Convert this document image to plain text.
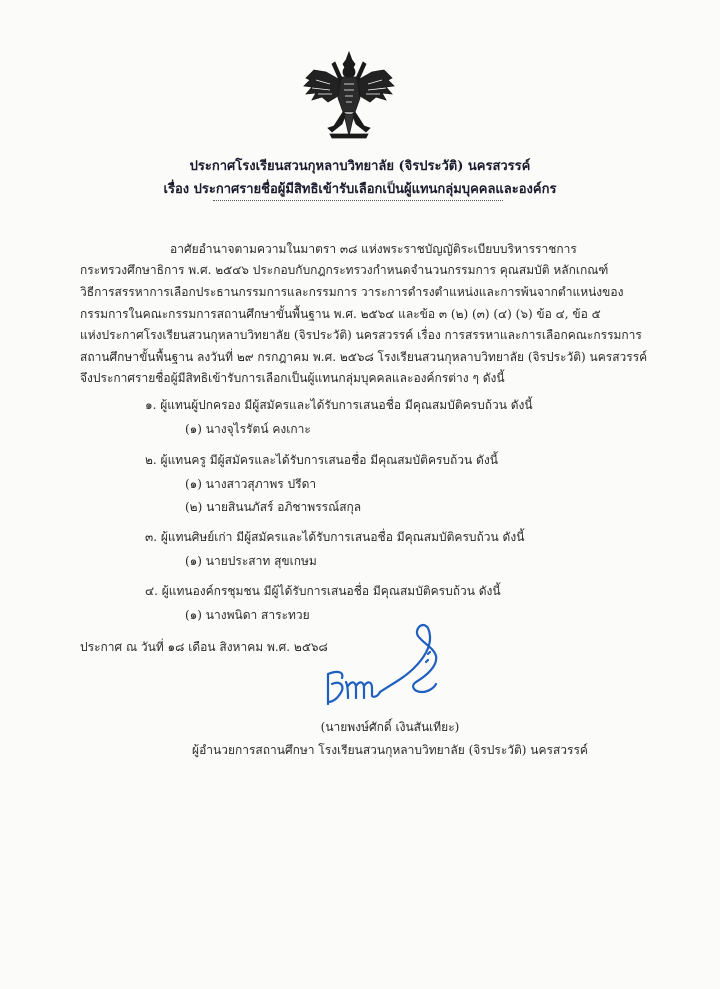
ประกาศโรงเรียนสวนกุหลาบวิทยาลัย (จิรประวัติ) นครสวรรค์
เรื่อง ประกาศรายชื่อผู้มีสิทธิเข้ารับเลือกเป็นผู้แทนกลุ่มบุคคลและองค์กร
อาศัยอำนาจตามความในมาตรา ๓๘ แห่งพระราชบัญญัติระเบียบบริหารราชการ
กระทรวงศึกษาธิการ พ.ศ. ๒๕๔๖ ประกอบกับกฎกระทรวงกำหนดจำนวนกรรมการ คุณสมบัติ หลักเกณฑ์
วิธีการสรรหาการเลือกประธานกรรมการและกรรมการ วาระการดำรงตำแหน่งและการพ้นจากตำแหน่งของ
กรรมการในคณะกรรมการสถานศึกษาขั้นพื้นฐาน พ.ศ. ๒๕๖๔ และข้อ ๓ (๒) (๓) (๔) (๖) ข้อ ๔, ข้อ ๕
แห่งประกาศโรงเรียนสวนกุหลาบวิทยาลัย (จิรประวัติ) นครสวรรค์ เรื่อง การสรรหาและการเลือกคณะกรรมการ
สถานศึกษาขั้นพื้นฐาน ลงวันที่ ๒๙ กรกฎาคม พ.ศ. ๒๕๖๘ โรงเรียนสวนกุหลาบวิทยาลัย (จิรประวัติ) นครสวรรค์
จึงประกาศรายชื่อผู้มีสิทธิเข้ารับการเลือกเป็นผู้แทนกลุ่มบุคคลและองค์กรต่าง ๆ ดังนี้
๑. ผู้แทนผู้ปกครอง มีผู้สมัครและได้รับการเสนอชื่อ มีคุณสมบัติครบถ้วน ดังนี้
(๑) นางจุไรรัตน์ คงเกาะ
๒. ผู้แทนครู มีผู้สมัครและได้รับการเสนอชื่อ มีคุณสมบัติครบถ้วน ดังนี้
(๑) นางสาวสุภาพร ปรีดา
(๒) นายสินนภัสร์ อภิชาพรรณ์สกุล
๓. ผู้แทนศิษย์เก่า มีผู้สมัครและได้รับการเสนอชื่อ มีคุณสมบัติครบถ้วน ดังนี้
(๑) นายประสาท สุขเกษม
๔. ผู้แทนองค์กรชุมชน มีผู้ได้รับการเสนอชื่อ มีคุณสมบัติครบถ้วน ดังนี้
(๑) นางพนิดา สาระทวย
ประกาศ ณ วันที่ ๑๘ เดือน สิงหาคม พ.ศ. ๒๕๖๘
(นายพงษ์ศักดิ์ เงินสันเทียะ)
ผู้อำนวยการสถานศึกษา โรงเรียนสวนกุหลาบวิทยาลัย (จิรประวัติ) นครสวรรค์
